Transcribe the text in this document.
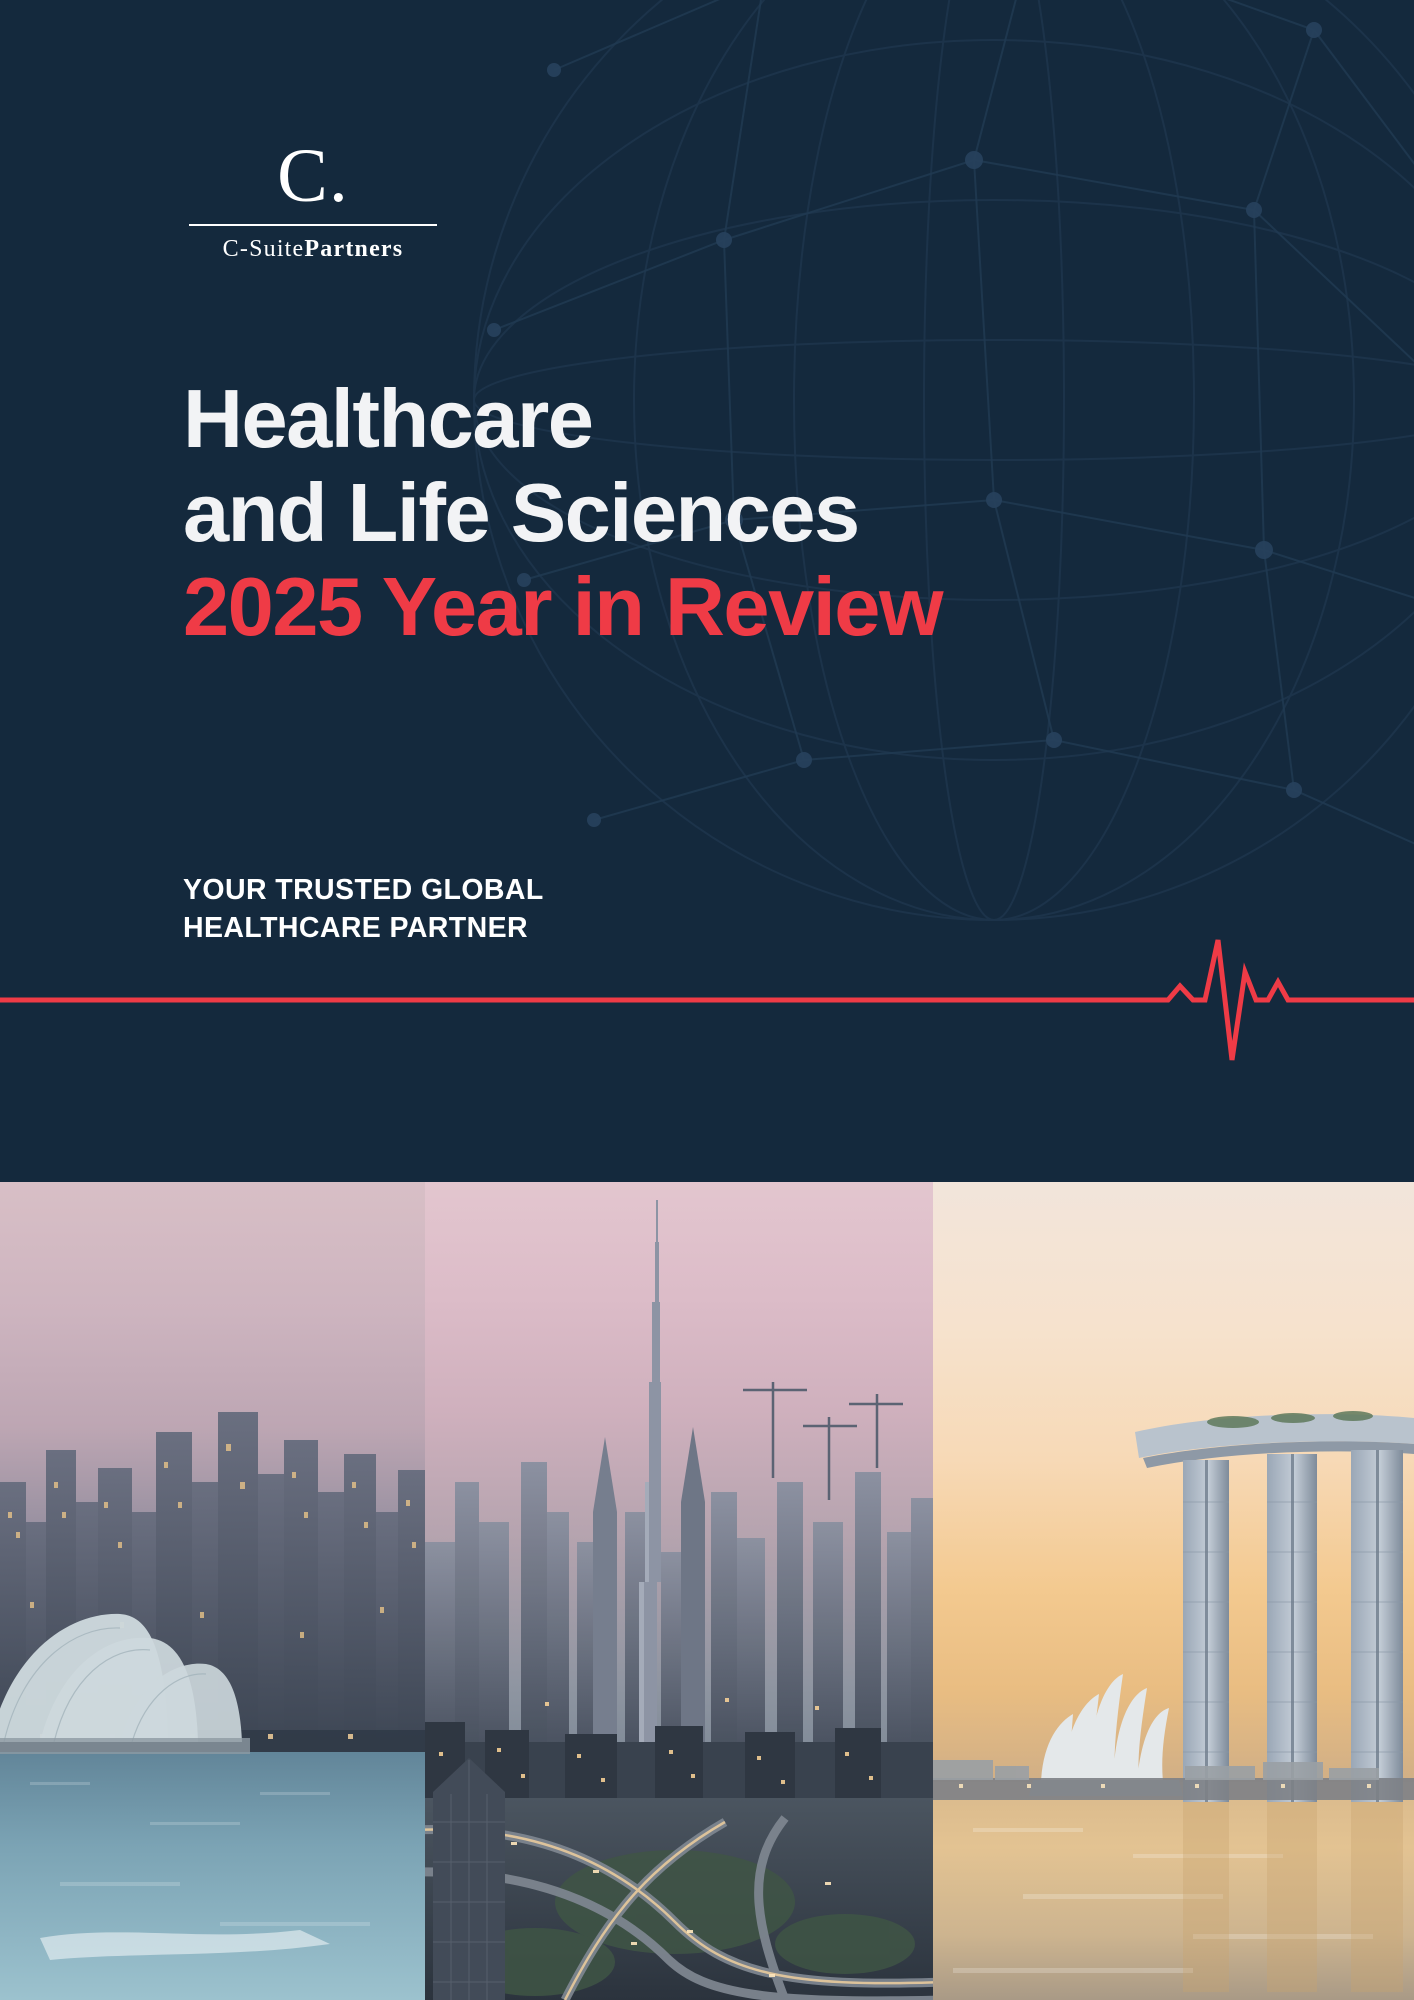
C.
C-SuitePartners
Healthcare
and Life Sciences
2025 Year in Review
YOUR TRUSTED GLOBAL
HEALTHCARE PARTNER
